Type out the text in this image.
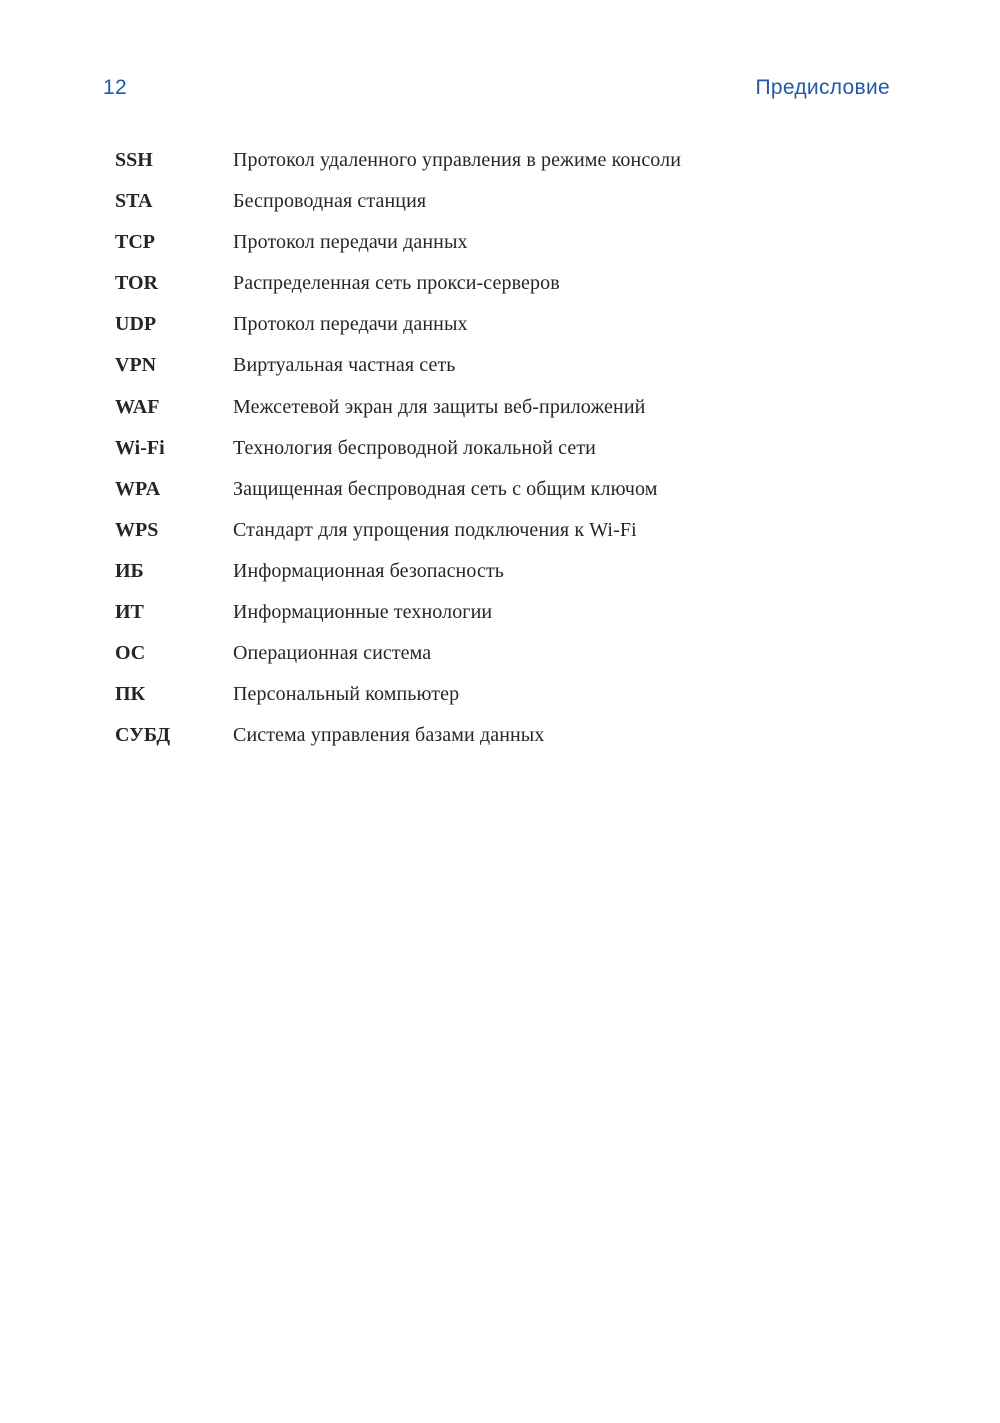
12	Предисловие
SSH	Протокол удаленного управления в режиме консоли
STA	Беспроводная станция
TCP	Протокол передачи данных
TOR	Распределенная сеть прокси-серверов
UDP	Протокол передачи данных
VPN	Виртуальная частная сеть
WAF	Межсетевой экран для защиты веб-приложений
Wi-Fi	Технология беспроводной локальной сети
WPA	Защищенная беспроводная сеть с общим ключом
WPS	Стандарт для упрощения подключения к Wi-Fi
ИБ	Информационная безопасность
ИТ	Информационные технологии
ОС	Операционная система
ПК	Персональный компьютер
СУБД	Система управления базами данных
